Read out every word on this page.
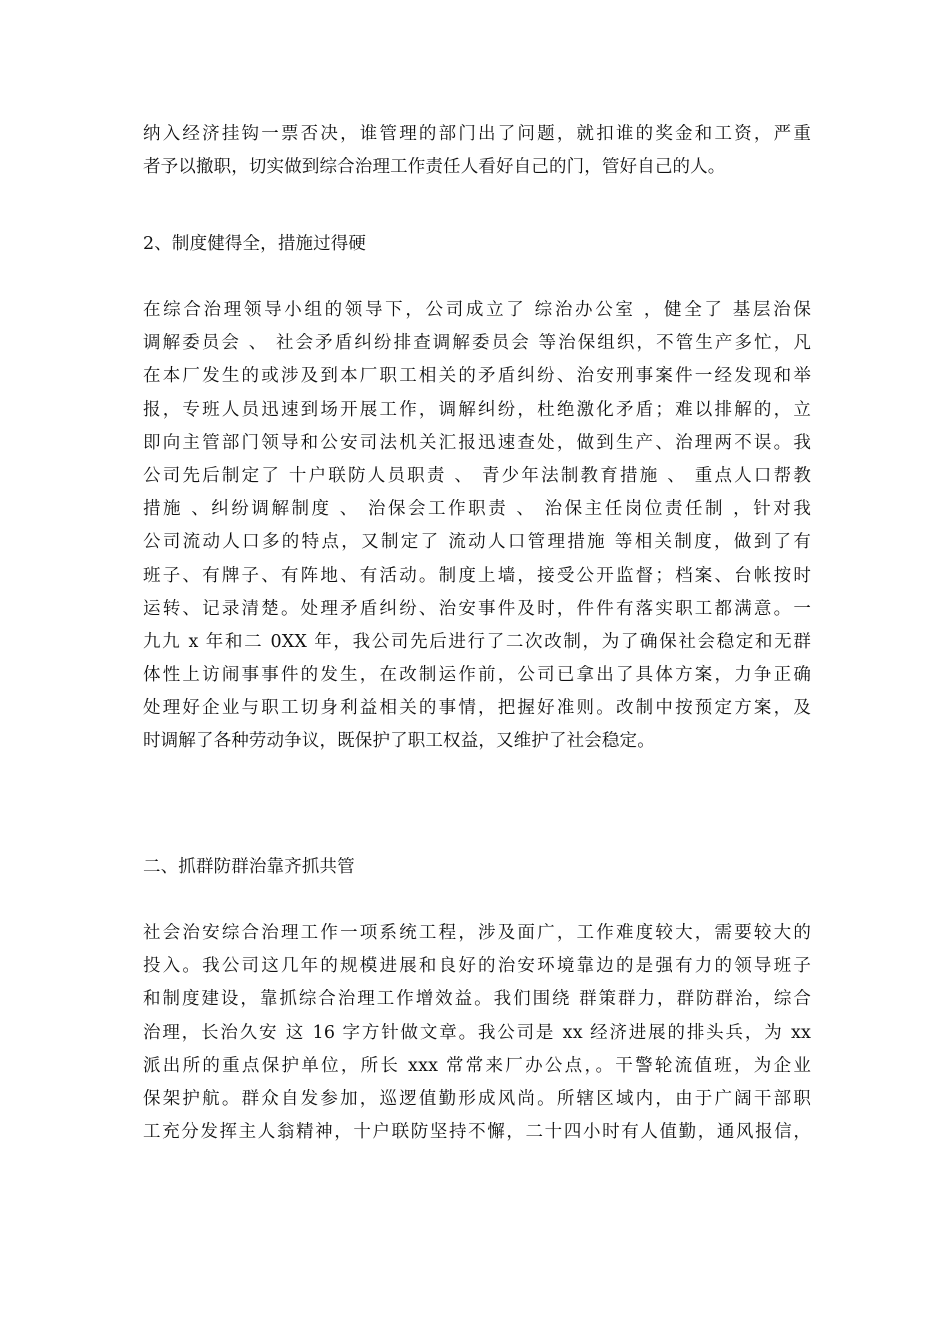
纳入经济挂钩一票否决，谁管理的部门出了问题，就扣谁的奖金和工资，严重
者予以撤职，切实做到综合治理工作责任人看好自己的门，管好自己的人。
2、制度健得全，措施过得硬
在综合治理领导小组的领导下，公司成立了 综治办公室 ，健全了 基层治保
调解委员会 、 社会矛盾纠纷排查调解委员会 等治保组织，不管生产多忙，凡
在本厂发生的或涉及到本厂职工相关的矛盾纠纷、治安刑事案件一经发现和举
报，专班人员迅速到场开展工作，调解纠纷，杜绝激化矛盾；难以排解的，立
即向主管部门领导和公安司法机关汇报迅速查处，做到生产、治理两不误。我
公司先后制定了 十户联防人员职责 、 青少年法制教育措施 、 重点人口帮教
措施 、纠纷调解制度 、 治保会工作职责 、 治保主任岗位责任制 ，针对我
公司流动人口多的特点，又制定了 流动人口管理措施 等相关制度，做到了有
班子、有牌子、有阵地、有活动。制度上墙，接受公开监督；档案、台帐按时
运转、记录清楚。处理矛盾纠纷、治安事件及时，件件有落实职工都满意。一
九九 x 年和二 0XX 年，我公司先后进行了二次改制，为了确保社会稳定和无群
体性上访闹事事件的发生，在改制运作前，公司已拿出了具体方案，力争正确
处理好企业与职工切身利益相关的事情，把握好准则。改制中按预定方案，及
时调解了各种劳动争议，既保护了职工权益，又维护了社会稳定。
二、抓群防群治靠齐抓共管
社会治安综合治理工作一项系统工程，涉及面广，工作难度较大，需要较大的
投入。我公司这几年的规模进展和良好的治安环境靠边的是强有力的领导班子
和制度建设，靠抓综合治理工作增效益。我们围绕 群策群力，群防群治，综合
治理，长治久安 这 16 字方针做文章。我公司是 xx 经济进展的排头兵，为 xx
派出所的重点保护单位，所长 xxx 常常来厂办公点，。干警轮流值班，为企业
保架护航。群众自发参加，巡逻值勤形成风尚。所辖区域内，由于广阔干部职
工充分发挥主人翁精神，十户联防坚持不懈，二十四小时有人值勤，通风报信，
